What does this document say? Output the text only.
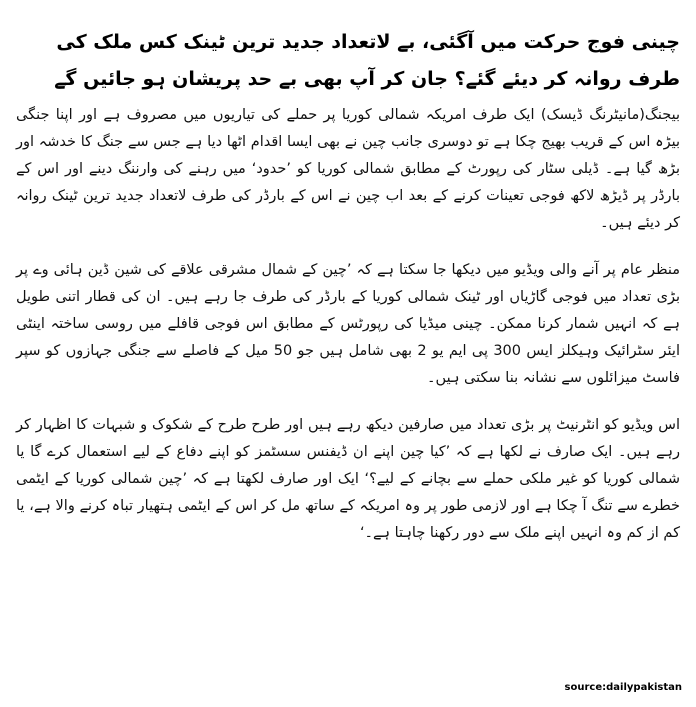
چینی فوج حرکت میں آگئی، بے لاتعداد جدید ترین ٹینک کس ملک کی طرف روانہ کر دیئے گئے؟ جان کر آپ بھی بے حد پریشان ہو جائیں گے

بیجنگ(مانیٹرنگ ڈیسک) ایک طرف امریکہ شمالی کوریا پر حملے کی تیاریوں میں مصروف ہے اور اپنا جنگی بیڑہ اس کے قریب بھیج چکا ہے تو دوسری جانب چین نے بھی ایسا اقدام اٹھا دیا ہے جس سے جنگ کا خدشہ اور بڑھ گیا ہے۔ ڈیلی سٹار کی رپورٹ کے مطابق شمالی کوریا کو ’حدود‘ میں رہنے کی وارننگ دینے اور اس کے بارڈر پر ڈیڑھ لاکھ فوجی تعینات کرنے کے بعد اب چین نے اس کے بارڈر کی طرف لاتعداد جدید ترین ٹینک روانہ کر دیئے ہیں۔

منظر عام پر آنے والی ویڈیو میں دیکھا جا سکتا ہے کہ ’چین کے شمال مشرقی علاقے کی شین ڈین ہائی وے پر بڑی تعداد میں فوجی گاڑیاں اور ٹینک شمالی کوریا کے بارڈر کی طرف جا رہے ہیں۔ ان کی قطار اتنی طویل ہے کہ انہیں شمار کرنا ممکن۔ چینی میڈیا کی رپورٹس کے مطابق اس فوجی قافلے میں روسی ساختہ اینٹی ایئر سٹرائیک وہیکلز ایس 300 پی ایم یو 2 بھی شامل ہیں جو 50 میل کے فاصلے سے جنگی جہازوں کو سپر فاسٹ میزائلوں سے نشانہ بنا سکتی ہیں۔

اس ویڈیو کو انٹرنیٹ پر بڑی تعداد میں صارفین دیکھ رہے ہیں اور طرح طرح کے شکوک و شبہات کا اظہار کر رہے ہیں۔ ایک صارف نے لکھا ہے کہ ’کیا چین اپنے ان ڈیفنس سسٹمز کو اپنے دفاع کے لیے استعمال کرے گا یا شمالی کوریا کو غیر ملکی حملے سے بچانے کے لیے؟‘ ایک اور صارف لکھتا ہے کہ ’چین شمالی کوریا کے ایٹمی خطرے سے تنگ آ چکا ہے اور لازمی طور پر وہ امریکہ کے ساتھ مل کر اس کے ایٹمی ہتھیار تباہ کرنے والا ہے، یا کم از کم وہ انہیں اپنے ملک سے دور رکھنا چاہتا ہے۔‘

source:dailypakistan
